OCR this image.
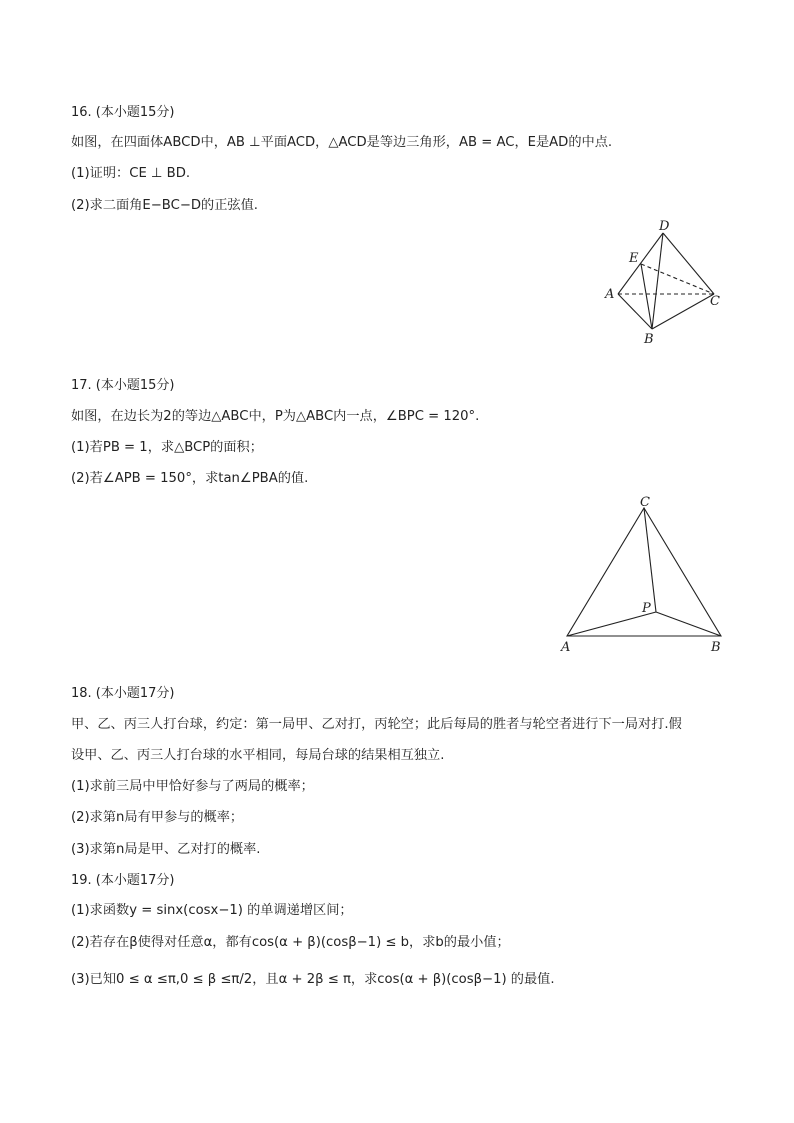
16. (本小题15分)
如图，在四面体ABCD中，AB ⊥平面ACD，△ACD是等边三角形，AB = AC，E是AD的中点.
(1)证明：CE ⊥ BD.
(2)求二面角E−BC−D的正弦值.
D
E
A	C
B
17. (本小题15分)
如图，在边长为2的等边△ABC中，P为△ABC内一点，∠BPC = 120°.
(1)若PB = 1，求△BCP的面积；
(2)若∠APB = 150°，求tan∠PBA的值.
C
P
A	B
18. (本小题17分)
甲、乙、丙三人打台球，约定：第一局甲、乙对打，丙轮空；此后每局的胜者与轮空者进行下一局对打.假
设甲、乙、丙三人打台球的水平相同，每局台球的结果相互独立.
(1)求前三局中甲恰好参与了两局的概率；
(2)求第n局有甲参与的概率；
(3)求第n局是甲、乙对打的概率.
19. (本小题17分)
(1)求函数y = sinx(cosx−1) 的单调递增区间；
(2)若存在β使得对任意α，都有cos(α + β)(cosβ−1) ≤ b，求b的最小值；
(3)已知0 ≤ α ≤π,0 ≤ β ≤π/2，且α + 2β ≤ π，求cos(α + β)(cosβ−1) 的最值.
